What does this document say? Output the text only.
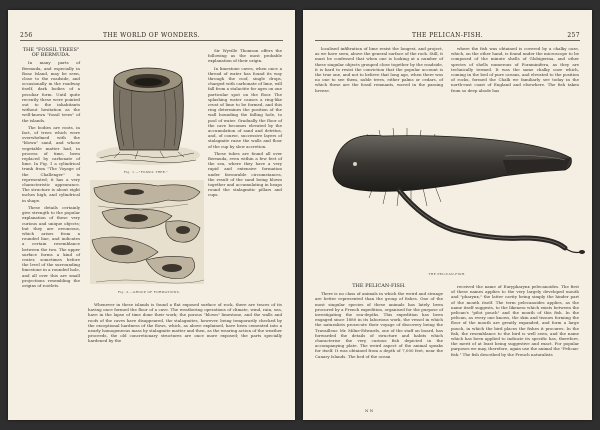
256	THE WORLD OF WONDERS.
THE "FOSSIL TREES" OF BERMUDA.

In many parts of Bermuda, and especially in Boaz Island, may be seen, close to the roadside, and occasionally in the roadway itself, dark bodies of a peculiar form. Until quite recently these were pointed out to the inhabitants without hesitation as the well-known "fossil trees" of the islands.

The bodies are roots, in fact, of trees which were overwhelmed with the "blown" sand, and whose vegetable matter had, in process of time, been replaced by carbonate of lime. In Fig. 1 a cylindrical trunk from "The Voyage of the Challenger" is represented; it has a very characteristic appearance. The structure is about eight inches high, and cylindrical in shape.

These details certainly give strength to the popular explanation of these very curious and unique objects; but they are erroneous, which arises from a rounded line, and indicates a certain resemblance between the two. The upper surface forms a kind of crater, sometimes before the level of the surrounding limestone in a rounded hole, and all over this are small projections resembling the origins of rootlets.

Fig. 1.—"FOSSIL TREE."
Fig. 2.—GROUP OF FORMATIONS.

Sir Wyville Thomson offers the following as the most probable explanation of their origin.

In limestone caves, when once a thread of water has found its way through the roof, single drops, charged with carbonate of lime, will fall from a stalactite for ages on one particular spot on the floor. The splashing water causes a ring-like crust of lime to be formed, and this ring determines the position of the wall bounding the falling hole, to pool of water. Gradually the floor of the cave becomes elevated by the accumulation of sand and detritus, and, of course, successive layers of stalagmite raise the walls and floor of the cup by slow accretion.

These tubes are found all over Bermuda, even within a few feet of the sea, where they have a very rapid and extensive formation under favourable circumstances, the result of the sand being blown together and accumulating in heaps round the stalagmitic pillars and cups.

Whenever in these islands is found a flat exposed surface of rock, there are traces of its having once formed the floor of a cave. The weathering operations of climate, wind, rain, sea, have in the lapse of time done their work; the porous "blown" limestone, and the walls and roofs of the caves have disappeared, the stalagmites, however, being temporarily checked by the exceptional hardness of the flows, which, as above explained, have been cemented into a nearly homogeneous mass by stalagmite matter and then, as the wearing action of the weather proceeds, the old concretionary structures are once more exposed; the parts specially hardened by the

THE PELICAN-FISH.	257

localised infiltration of lime resist the longest, and project, as we have seen, above the general surface of the rock. Still, it must be confessed that when one is looking at a number of these singular objects grouped close together by the roadside, it is hard to resist the conviction that the popular account is the true one, and not to believe that long ago, when there was no one to see them, noble trees, either palms or cedars, of which these are the fossil remnants, waved in the passing breeze.

where the fish was obtained is covered by a chalky ooze, which, on the other hand, is found under the microscope to be composed of the minute shells of Globigerina, and other species of shells numerous of Foraminifera, as they are technically termed. It was the same chalky ooze which, coming in the bed of pure oceans, and elevated to the position of rocks, formed the Chalk we familiarly see today in the north-east coast of England and elsewhere. The fish taken from so deep abode has

THE PELICAN-FISH.
THE PELICAN-FISH.

There is no class of animals in which the weird and strange are better represented than the group of fishes. One of the most singular species of these animals has lately been procured by a French expedition, organised for the purpose of investigating the sea-depths. This expedition has been engaged since 1880 in its laborious work, the vessel in which the naturalists prosecute their voyage of discovery being the Travailleur. Mr. Milne-Edwards, one of the staff on board, has forwarded the details of structure and habits which characterise the very curious fish depicted in the accompanying plate. The weird aspect of the animal speaks for itself. It was obtained from a depth of 7,000 feet, near the Canary Islands. The bed of the ocean

received the name of Eurypharynx pelecanoides. The first of these names applies to the very largely developed mouth and "pharynx," the latter cavity being simply the hinder part of the mouth itself. The term pelecanoides applies, as the name itself suggests, to the likeness which exists between the pelican's "pilot pouch" and the mouth of this fish. In the pelican, as every one knows, the skin and tissues forming the floor of the mouth are greatly expanded, and form a large pouch, in which the bird places the fishes it procures. In the fish, the resemblance to the bird is well seen, and the name which has been applied to indicate its specific has, therefore, the merit of at least being suggestive and exact. For popular purposes we may, therefore, again use the animal the "Pelican-fish." The fish described by the French naturalists

N N
